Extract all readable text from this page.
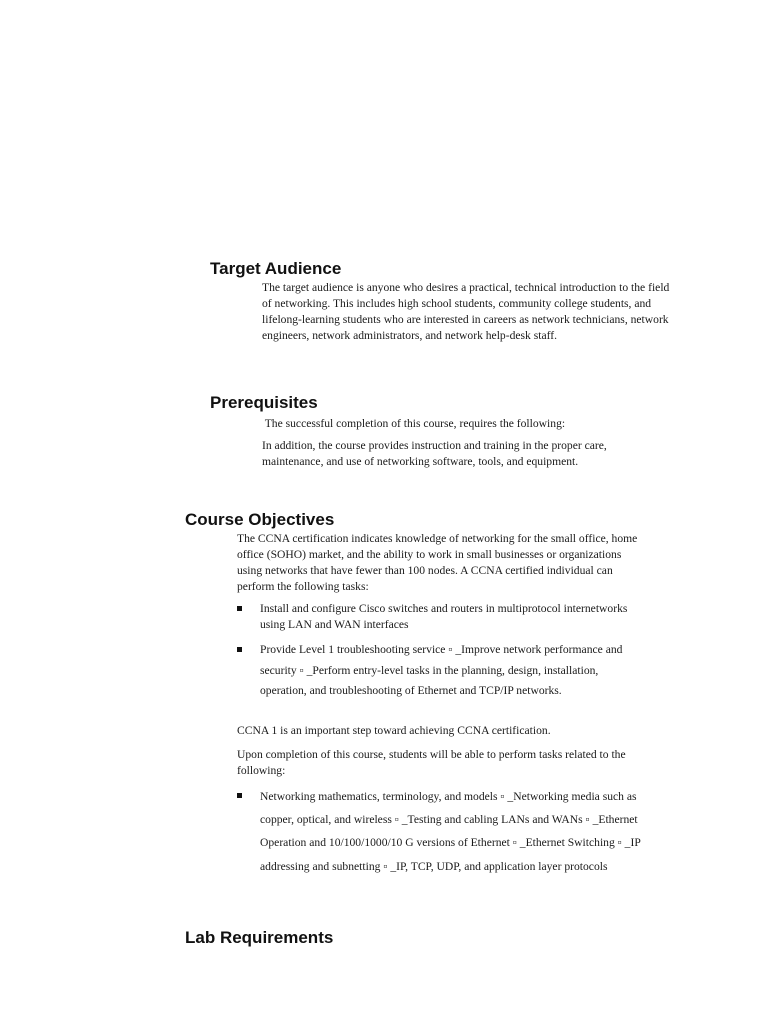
Target Audience

The target audience is anyone who desires a practical, technical introduction to the field of networking. This includes high school students, community college students, and lifelong-learning students who are interested in careers as network technicians, network engineers, network administrators, and network help-desk staff.

Prerequisites

The successful completion of this course, requires the following:

In addition, the course provides instruction and training in the proper care, maintenance, and use of networking software, tools, and equipment.

Course Objectives

The CCNA certification indicates knowledge of networking for the small office, home office (SOHO) market, and the ability to work in small businesses or organizations using networks that have fewer than 100 nodes. A CCNA certified individual can perform the following tasks:

Install and configure Cisco switches and routers in multiprotocol internetworks using LAN and WAN interfaces
Provide Level 1 troubleshooting service ▫ _Improve network performance and security ▫ _Perform entry-level tasks in the planning, design, installation, operation, and troubleshooting of Ethernet and TCP/IP networks.

CCNA 1 is an important step toward achieving CCNA certification.

Upon completion of this course, students will be able to perform tasks related to the following:

Networking mathematics, terminology, and models ▫ _Networking media such as copper, optical, and wireless ▫ _Testing and cabling LANs and WANs ▫ _Ethernet Operation and 10/100/1000/10 G versions of Ethernet ▫ _Ethernet Switching ▫ _IP addressing and subnetting ▫ _IP, TCP, UDP, and application layer protocols
Lab Requirements
